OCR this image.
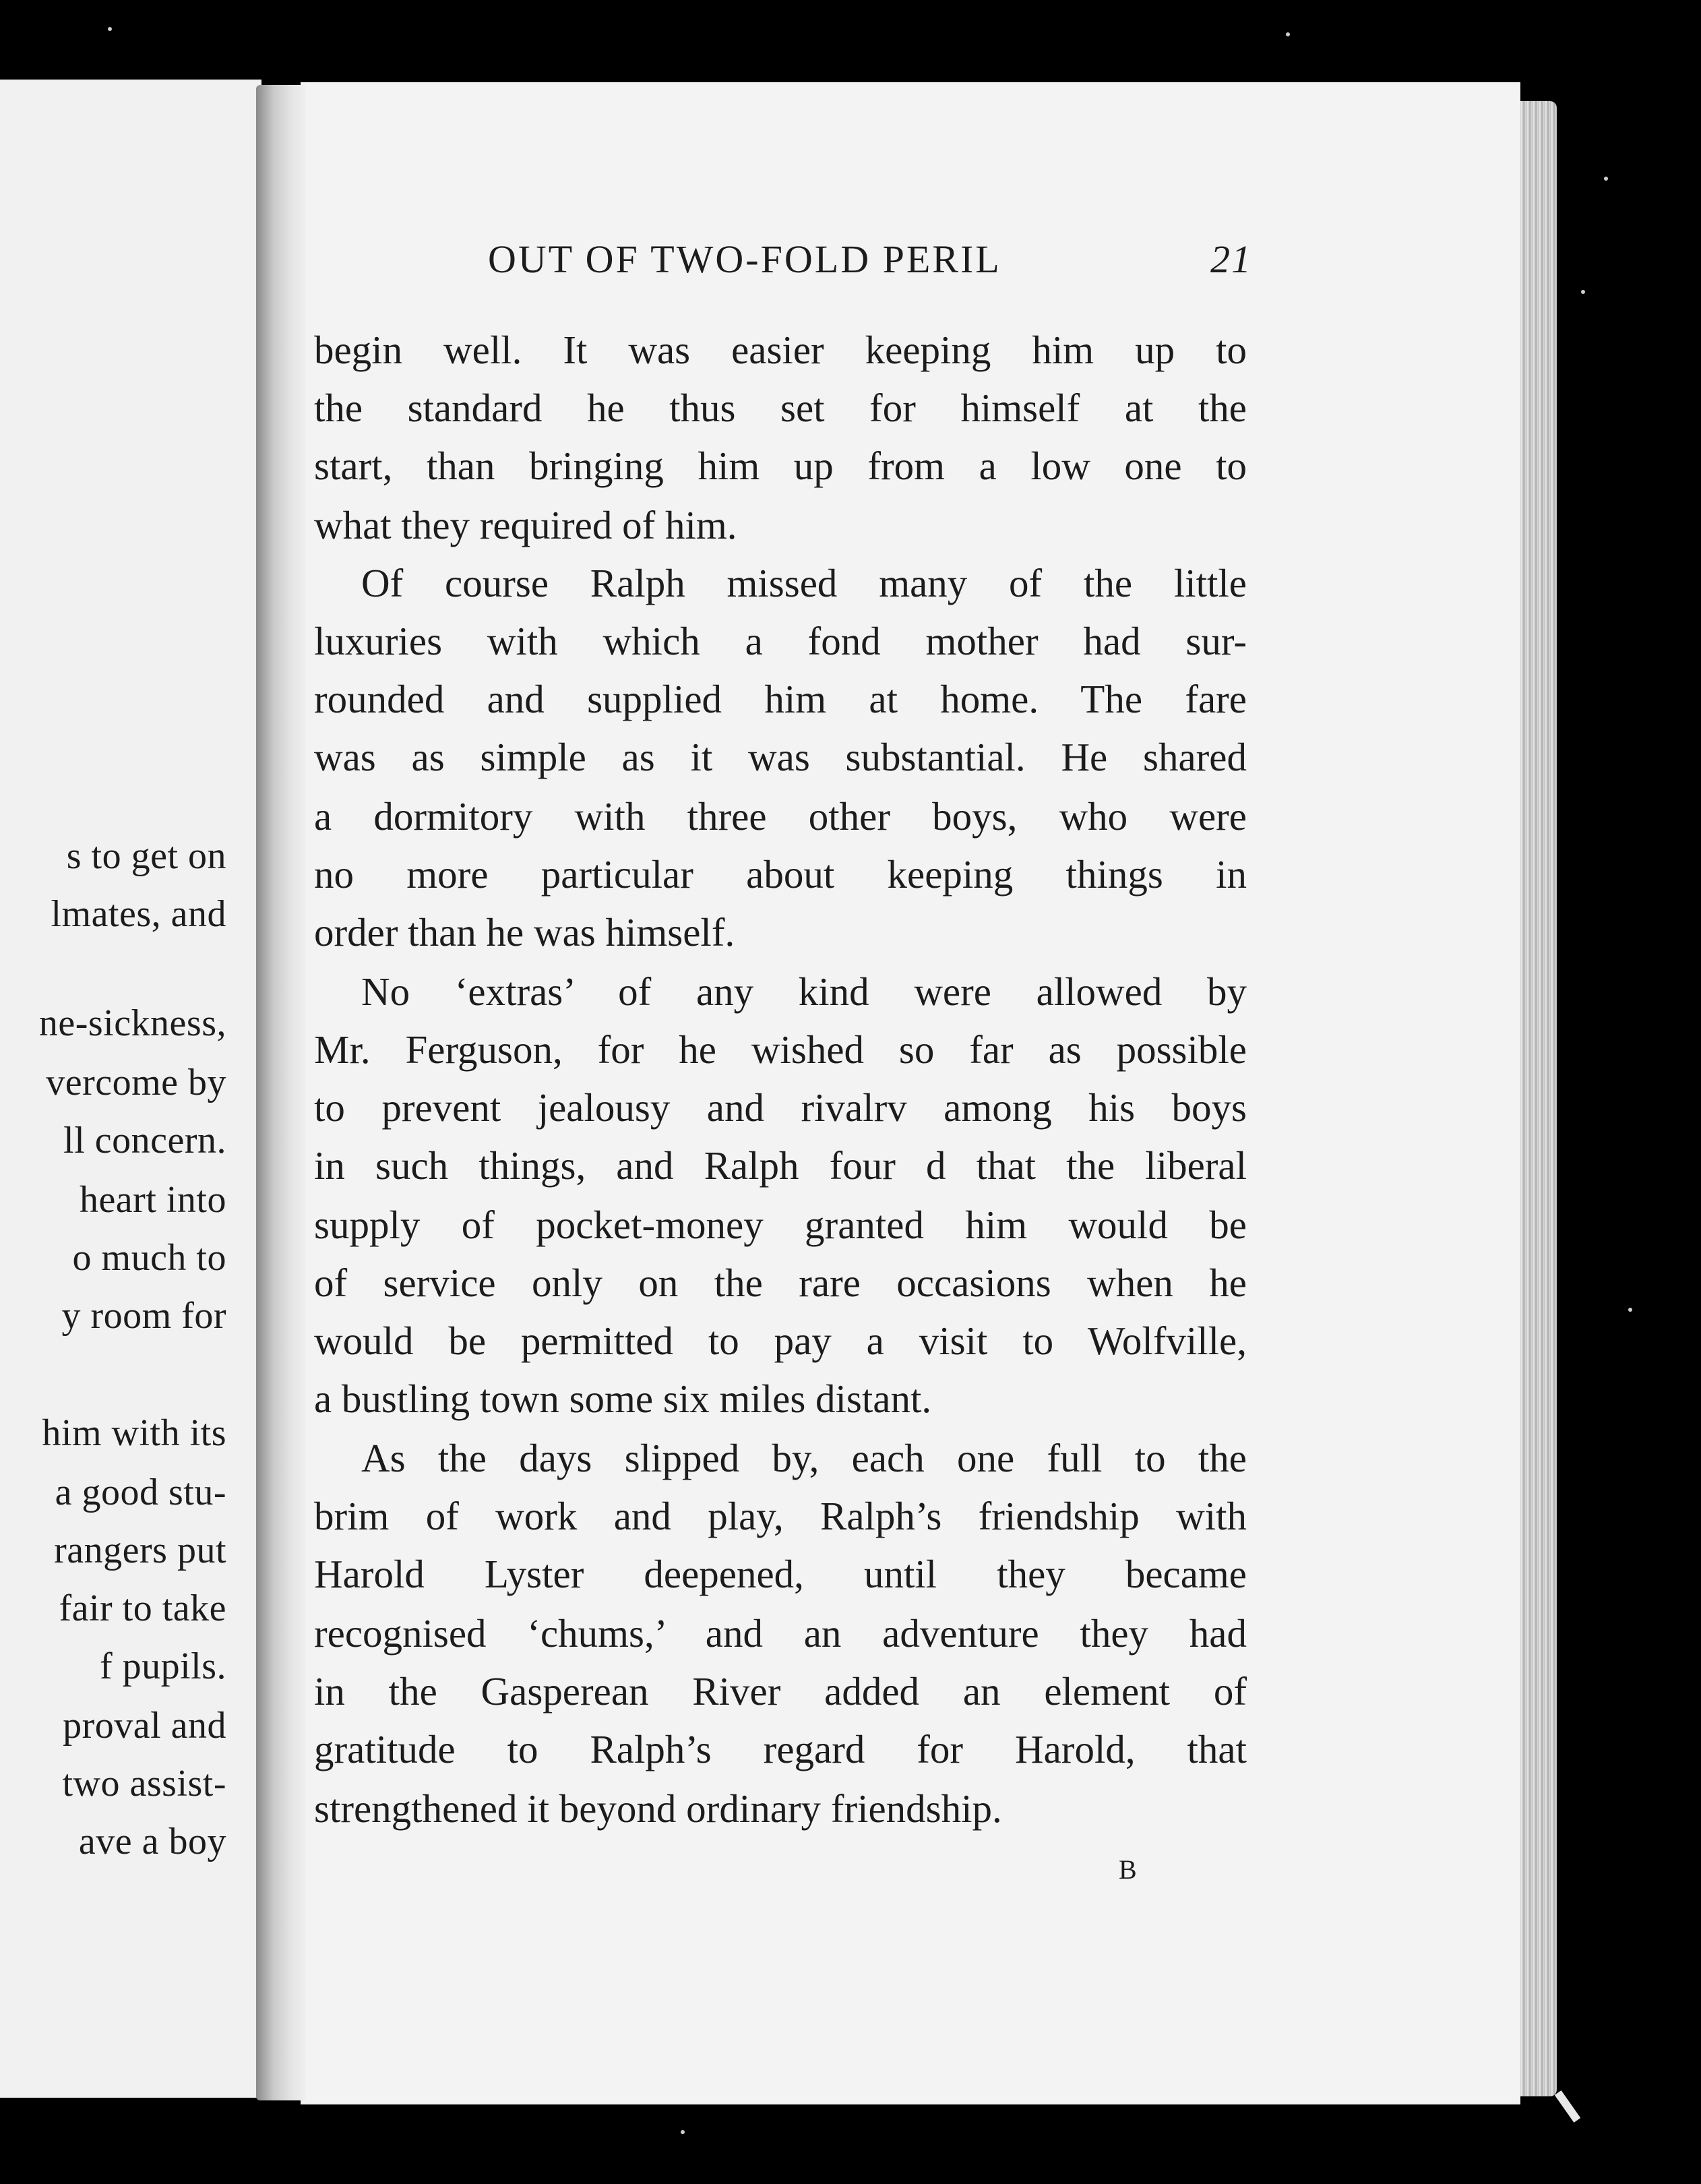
s to get on
lmates, and
ne-sickness,
vercome by
ll concern.
heart into
o much to
y room for
him with its
a good stu-
rangers put
fair to take
f pupils.
proval and
two assist-
ave a boy
OUT OF TWO-FOLD PERIL	21
begin well. It was easier keeping him up to
the standard he thus set for himself at the
start, than bringing him up from a low one to
what they required of him.
Of course Ralph missed many of the little
luxuries with which a fond mother had sur-
rounded and supplied him at home. The fare
was as simple as it was substantial. He shared
a dormitory with three other boys, who were
no more particular about keeping things in
order than he was himself.
No ‘extras’ of any kind were allowed by
Mr. Ferguson, for he wished so far as possible
to prevent jealousy and rivalrv among his boys
in such things, and Ralph four d that the liberal
supply of pocket-money granted him would be
of service only on the rare occasions when he
would be permitted to pay a visit to Wolfville,
a bustling town some six miles distant.
As the days slipped by, each one full to the
brim of work and play, Ralph’s friendship with
Harold Lyster deepened, until they became
recognised ‘chums,’ and an adventure they had
in the Gasperean River added an element of
gratitude to Ralph’s regard for Harold, that
strengthened it beyond ordinary friendship.
B
